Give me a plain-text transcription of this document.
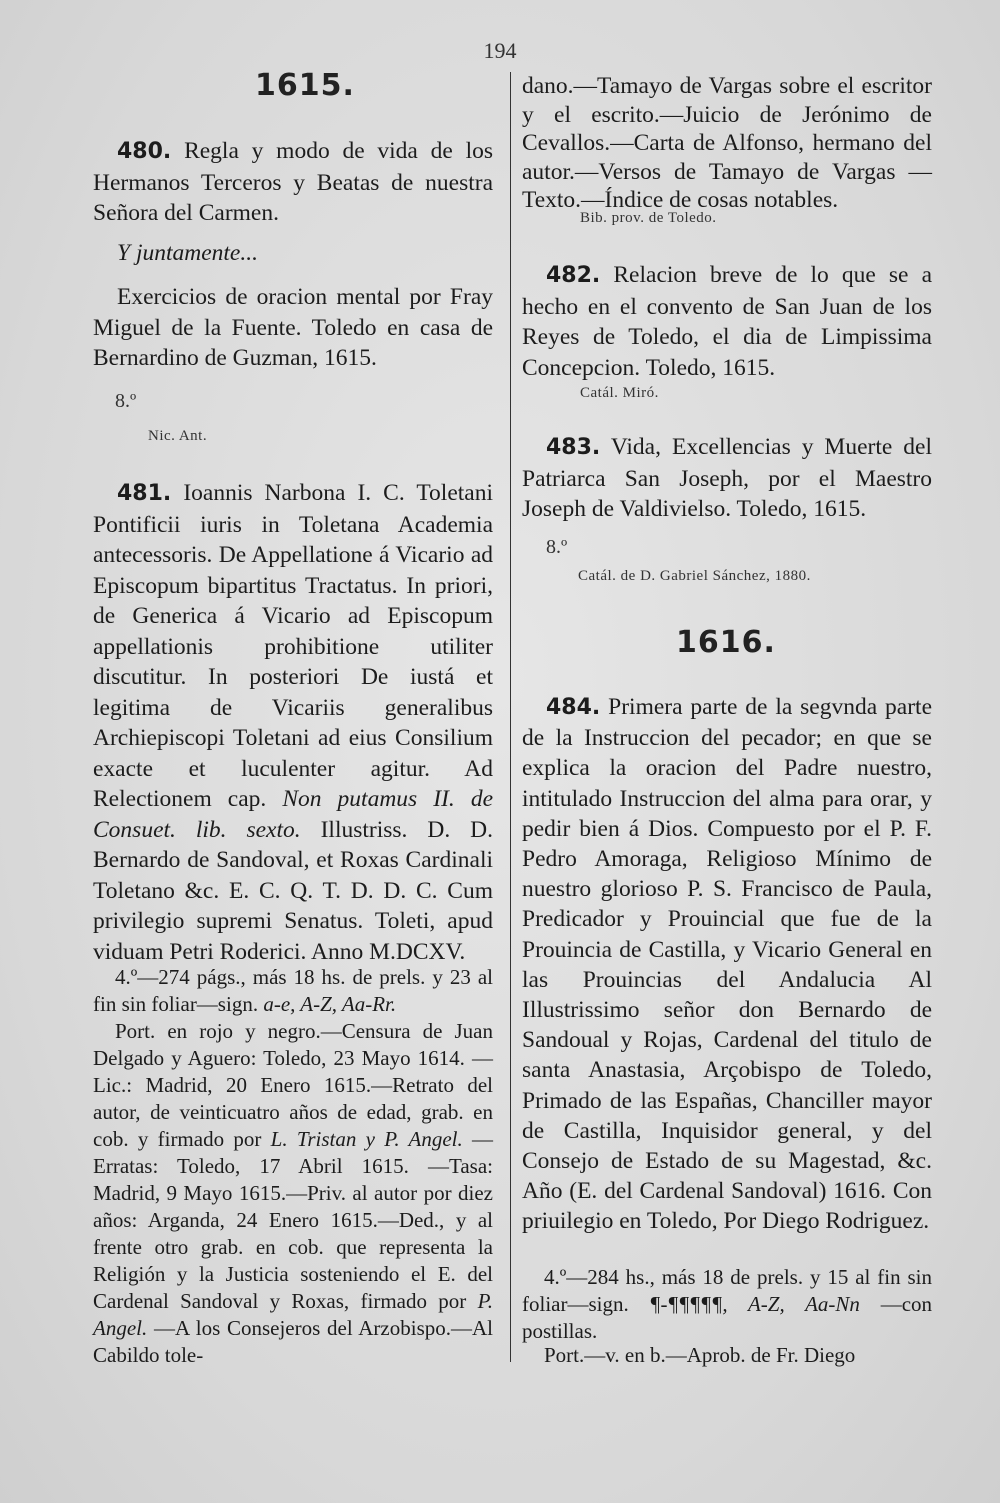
194
1615.
480. Regla y modo de vida de los Hermanos Terceros y Beatas de nuestra Señora del Carmen.
Y juntamente...
Exercicios de oracion mental por Fray Miguel de la Fuente. Toledo en casa de Bernardino de Guzman, 1615.
8.º
Nic. Ant.
481. Ioannis Narbona I. C. Toletani Pontificii iuris in Toletana Academia antecessoris. De Appellatione á Vicario ad Episcopum bipartitus Tractatus. In priori, de Generica á Vicario ad Episcopum appellationis prohibitione utiliter discutitur. In posteriori De iustá et legitima de Vicariis generalibus Archiepiscopi Toletani ad eius Consilium exacte et luculenter agitur. Ad Relectionem cap. Non putamus II. de Consuet. lib. sexto. Illustriss. D. D. Bernardo de Sandoval, et Roxas Cardinali Toletano &c. E. C. Q. T. D. D. C. Cum privilegio supremi Senatus. Toleti, apud viduam Petri Roderici. Anno M.DCXV.
4.º—274 págs., más 18 hs. de prels. y 23 al fin sin foliar—sign. a-e, A-Z, Aa-Rr.
Port. en rojo y negro.—Censura de Juan Delgado y Aguero: Toledo, 23 Mayo 1614. —Lic.: Madrid, 20 Enero 1615.—Retrato del autor, de veinticuatro años de edad, grab. en cob. y firmado por L. Tristan y P. Angel. —Erratas: Toledo, 17 Abril 1615. —Tasa: Madrid, 9 Mayo 1615.—Priv. al autor por diez años: Arganda, 24 Enero 1615.—Ded., y al frente otro grab. en cob. que representa la Religión y la Justicia sosteniendo el E. del Cardenal Sandoval y Roxas, firmado por P. Angel. —A los Consejeros del Arzobispo.—Al Cabildo tole-
dano.—Tamayo de Vargas sobre el escritor y el escrito.—Juicio de Jerónimo de Cevallos.—Carta de Alfonso, hermano del autor.—Versos de Tamayo de Vargas —Texto.—Índice de cosas notables.
Bib. prov. de Toledo.
482. Relacion breve de lo que se a hecho en el convento de San Juan de los Reyes de Toledo, el dia de Limpissima Concepcion. Toledo, 1615.
Catál. Miró.
483. Vida, Excellencias y Muerte del Patriarca San Joseph, por el Maestro Joseph de Valdivielso. Toledo, 1615.
8.º
Catál. de D. Gabriel Sánchez, 1880.
1616.
484. Primera parte de la segvnda parte de la Instruccion del pecador; en que se explica la oracion del Padre nuestro, intitulado Instruccion del alma para orar, y pedir bien á Dios. Compuesto por el P. F. Pedro Amoraga, Religioso Mínimo de nuestro glorioso P. S. Francisco de Paula, Predicador y Prouincial que fue de la Prouincia de Castilla, y Vicario General en las Prouincias del Andalucia Al Illustrissimo señor don Bernardo de Sandoual y Rojas, Cardenal del titulo de santa Anastasia, Arçobispo de Toledo, Primado de las Españas, Chanciller mayor de Castilla, Inquisidor general, y del Consejo de Estado de su Magestad, &c. Año (E. del Cardenal Sandoval) 1616. Con priuilegio en Toledo, Por Diego Rodriguez.
4.º—284 hs., más 18 de prels. y 15 al fin sin foliar—sign. ¶-¶¶¶¶¶, A-Z, Aa-Nn —con postillas.
Port.—v. en b.—Aprob. de Fr. Diego
